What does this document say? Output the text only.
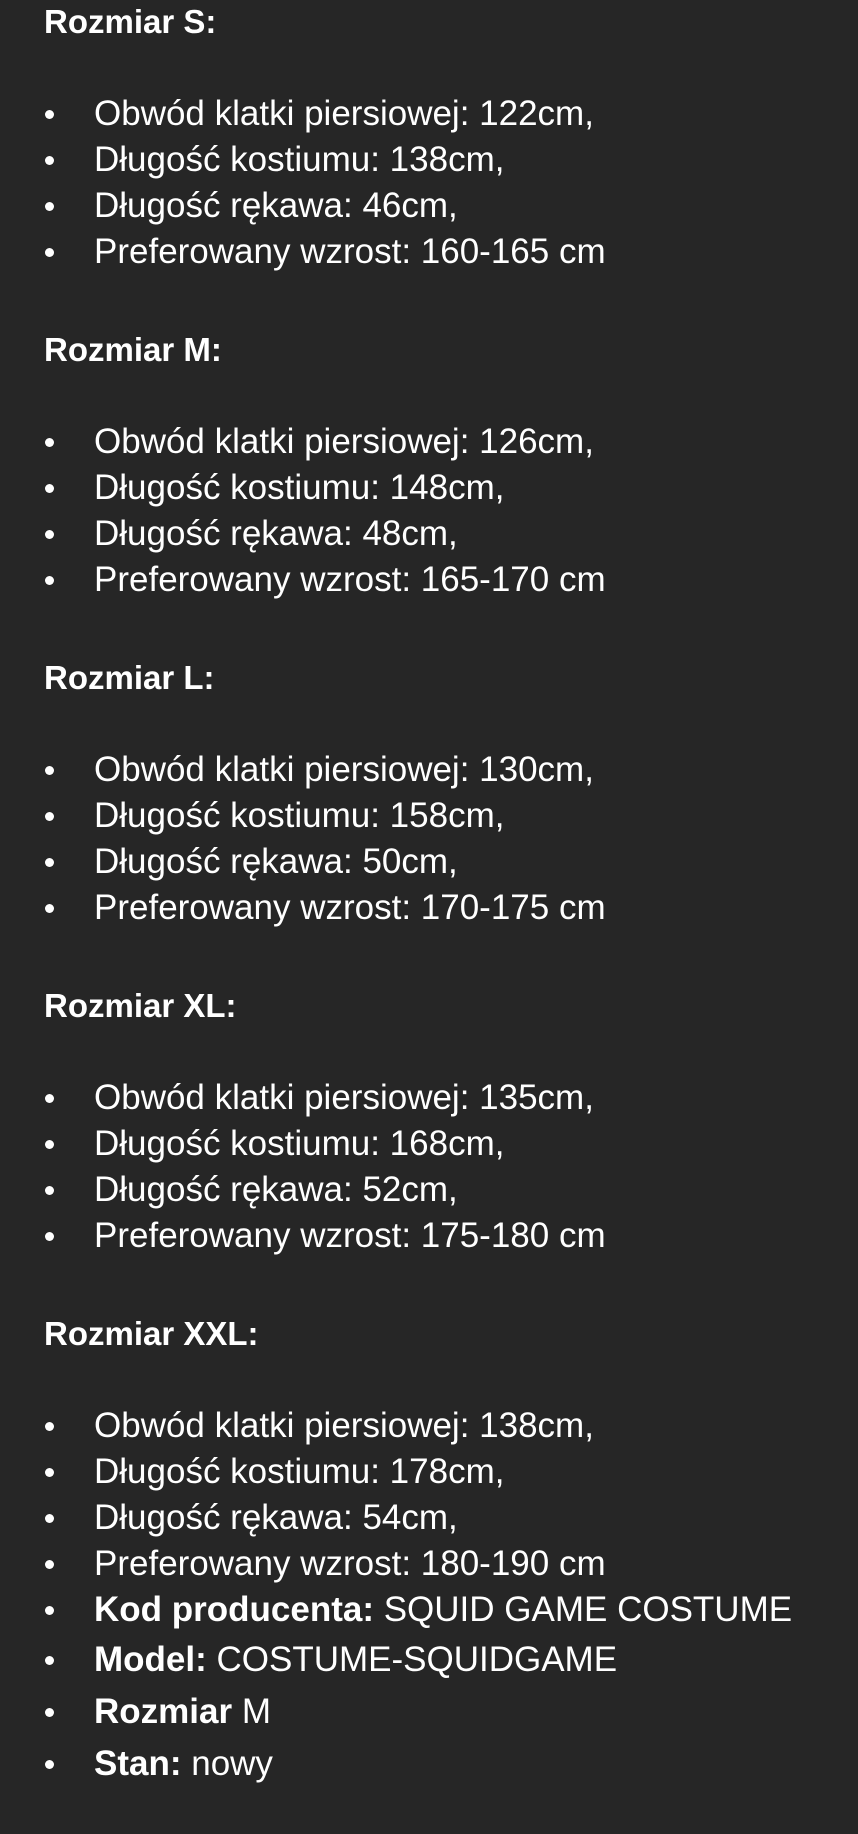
Rozmiar S:
Obwód klatki piersiowej: 122cm,
Długość kostiumu: 138cm,
Długość rękawa: 46cm,
Preferowany wzrost: 160-165 cm
Rozmiar M:
Obwód klatki piersiowej: 126cm,
Długość kostiumu: 148cm,
Długość rękawa: 48cm,
Preferowany wzrost: 165-170 cm
Rozmiar L:
Obwód klatki piersiowej: 130cm,
Długość kostiumu: 158cm,
Długość rękawa: 50cm,
Preferowany wzrost: 170-175 cm
Rozmiar XL:
Obwód klatki piersiowej: 135cm,
Długość kostiumu: 168cm,
Długość rękawa: 52cm,
Preferowany wzrost: 175-180 cm
Rozmiar XXL:
Obwód klatki piersiowej: 138cm,
Długość kostiumu: 178cm,
Długość rękawa: 54cm,
Preferowany wzrost: 180-190 cm
Kod producenta: SQUID GAME COSTUME
Model: COSTUME-SQUIDGAME
Rozmiar M
Stan: nowy
